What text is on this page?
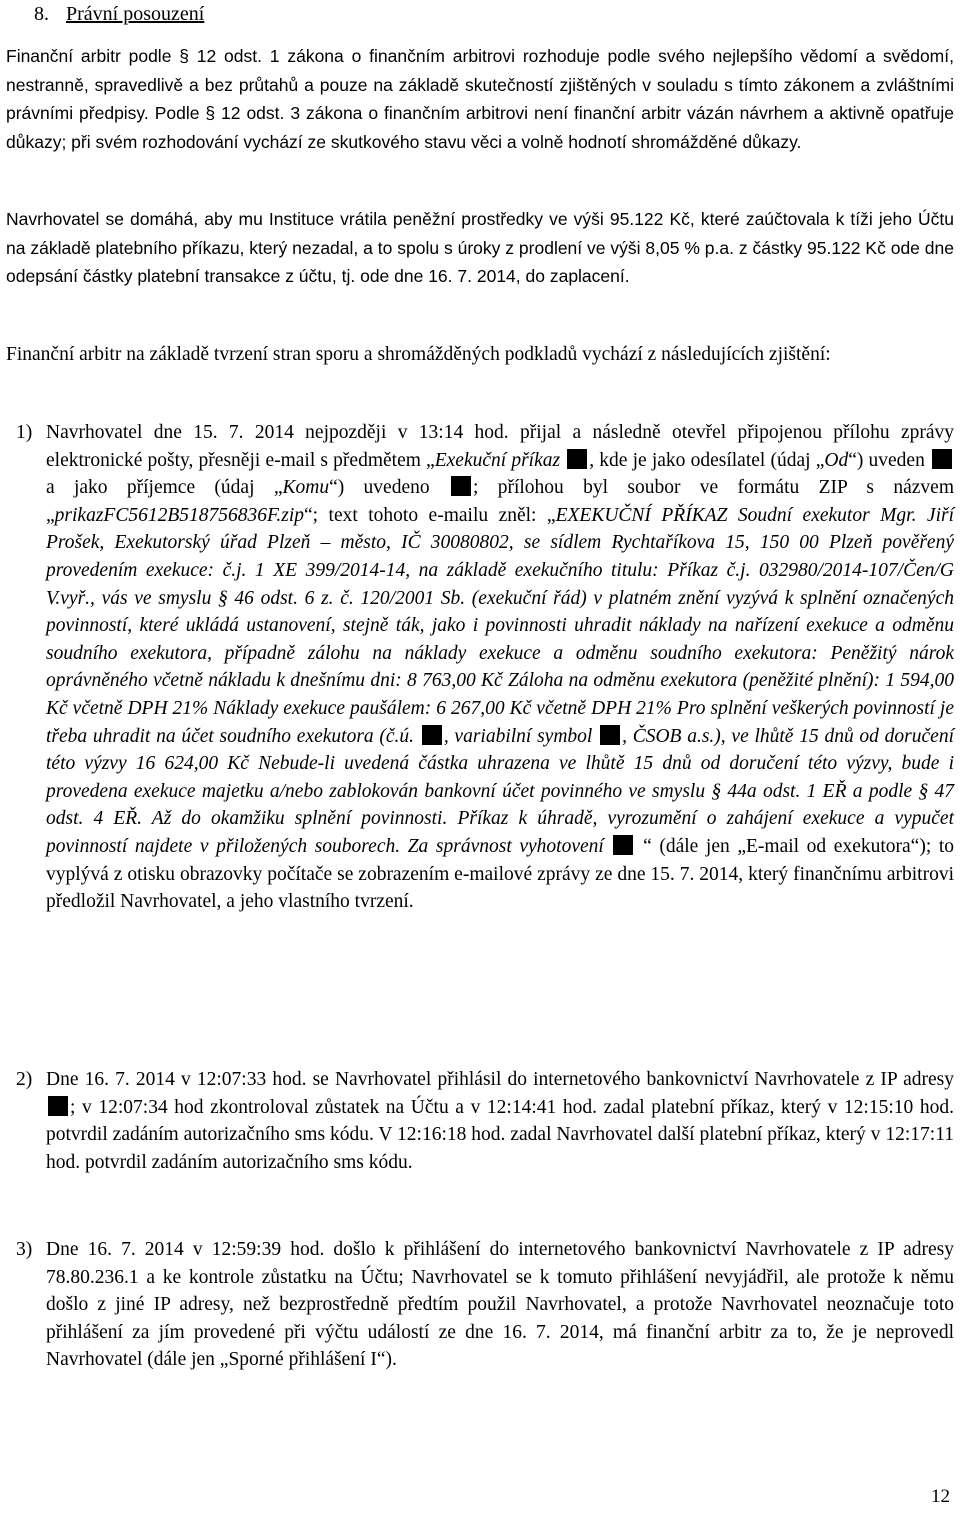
8. Právní posouzení

Finanční arbitr podle § 12 odst. 1 zákona o finančním arbitrovi rozhoduje podle svého nejlepšího vědomí a svědomí, nestranně, spravedlivě a bez průtahů a pouze na základě skutečností zjištěných v souladu s tímto zákonem a zvláštními právními předpisy. Podle § 12 odst. 3 zákona o finančním arbitrovi není finanční arbitr vázán návrhem a aktivně opatřuje důkazy; při svém rozhodování vychází ze skutkového stavu věci a volně hodnotí shromážděné důkazy.

Navrhovatel se domáhá, aby mu Instituce vrátila peněžní prostředky ve výši 95.122 Kč, které zaúčtovala k tíži jeho Účtu na základě platebního příkazu, který nezadal, a to spolu s úroky z prodlení ve výši 8,05 % p.a. z částky 95.122 Kč ode dne odepsání částky platební transakce z účtu, tj. ode dne 16. 7. 2014, do zaplacení.

Finanční arbitr na základě tvrzení stran sporu a shromážděných podkladů vychází z následujících zjištění:

1) Navrhovatel dne 15. 7. 2014 nejpozději v 13:14 hod. přijal a následně otevřel připojenou přílohu zprávy elektronické pošty, přesněji e-mail s předmětem „Exekuční příkaz , kde je jako odesílatel (údaj „Od“) uveden  a jako příjemce (údaj „Komu“) uvedeno ; přílohou byl soubor ve formátu ZIP s názvem „prikazFC5612B518756836F.zip“; text tohoto e-mailu zněl: „EXEKUČNÍ PŘÍKAZ Soudní exekutor Mgr. Jiří Prošek, Exekutorský úřad Plzeň – město, IČ 30080802, se sídlem Rychtaříkova 15, 150 00 Plzeň pověřený provedením exekuce: č.j. 1 XE 399/2014-14, na základě exekučního titulu: Příkaz č.j. 032980/2014-107/Čen/G V.vyř., vás ve smyslu § 46 odst. 6 z. č. 120/2001 Sb. (exekuční řád) v platném znění vyzývá k splnění označených povinností, které ukládá ustanovení, stejně ták, jako i povinnosti uhradit náklady na nařízení exekuce a odměnu soudního exekutora, případně zálohu na náklady exekuce a odměnu soudního exekutora: Peněžitý nárok oprávněného včetně nákladu k dnešnímu dni: 8 763,00 Kč Záloha na odměnu exekutora (peněžité plnění): 1 594,00 Kč včetně DPH 21% Náklady exekuce paušálem: 6 267,00 Kč včetně DPH 21% Pro splnění veškerých povinností je třeba uhradit na účet soudního exekutora (č.ú. , variabilní symbol , ČSOB a.s.), ve lhůtě 15 dnů od doručení této výzvy 16 624,00 Kč Nebude-li uvedená částka uhrazena ve lhůtě 15 dnů od doručení této výzvy, bude i provedena exekuce majetku a/nebo zablokován bankovní účet povinného ve smyslu § 44a odst. 1 EŘ a podle § 47 odst. 4 EŘ. Až do okamžiku splnění povinnosti. Příkaz k úhradě, vyrozumění o zahájení exekuce a vypučet povinností najdete v přiložených souborech. Za správnost vyhotovení “ (dále jen „E-mail od exekutora“); to vyplývá z otisku obrazovky počítače se zobrazením e-mailové zprávy ze dne 15. 7. 2014, který finančnímu arbitrovi předložil Navrhovatel, a jeho vlastního tvrzení.
2) Dne 16. 7. 2014 v 12:07:33 hod. se Navrhovatel přihlásil do internetového bankovnictví Navrhovatele z IP adresy ; v 12:07:34 hod zkontroloval zůstatek na Účtu a v 12:14:41 hod. zadal platební příkaz, který v 12:15:10 hod. potvrdil zadáním autorizačního sms kódu. V 12:16:18 hod. zadal Navrhovatel další platební příkaz, který v 12:17:11 hod. potvrdil zadáním autorizačního sms kódu.
3) Dne 16. 7. 2014 v 12:59:39 hod. došlo k přihlášení do internetového bankovnictví Navrhovatele z IP adresy 78.80.236.1 a ke kontrole zůstatku na Účtu; Navrhovatel se k tomuto přihlášení nevyjádřil, ale protože k němu došlo z jiné IP adresy, než bezprostředně předtím použil Navrhovatel, a protože Navrhovatel neoznačuje toto přihlášení za jím provedené při výčtu událostí ze dne 16. 7. 2014, má finanční arbitr za to, že je neprovedl Navrhovatel (dále jen „Sporné přihlášení I“).
12
